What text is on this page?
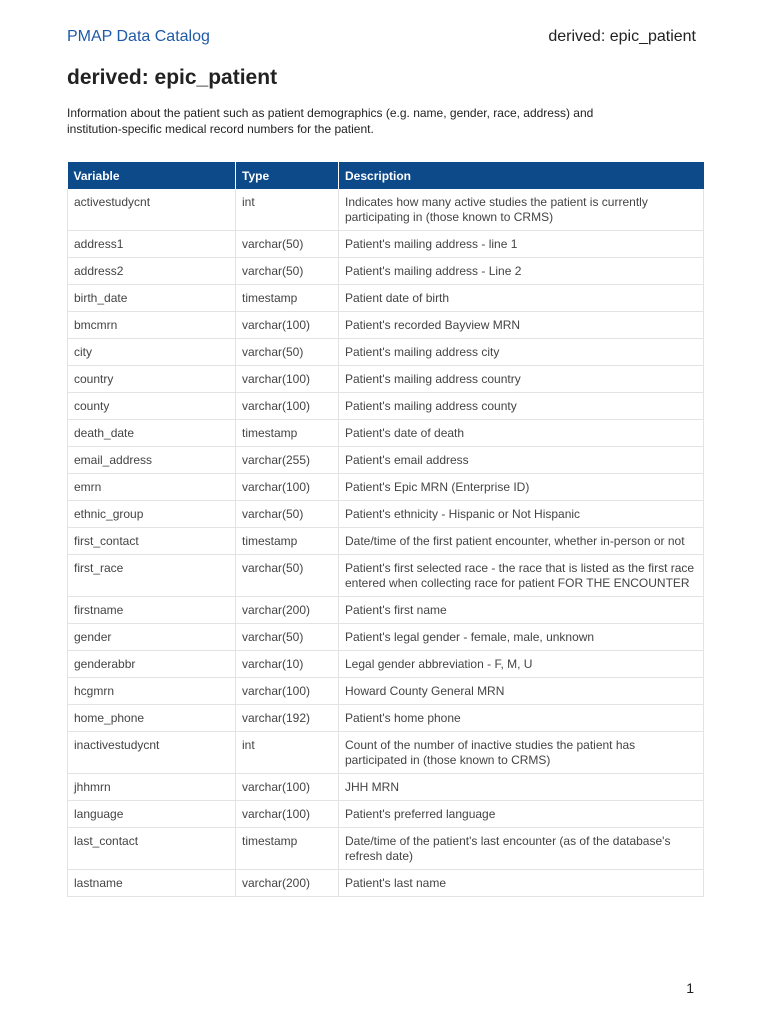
PMAP Data Catalog	derived: epic_patient
derived: epic_patient

Information about the patient such as patient demographics (e.g. name, gender, race, address) and institution-specific medical record numbers for the patient.

Variable	Type	Description
activestudycnt	int	Indicates how many active studies the patient is currently participating in (those known to CRMS)
address1	varchar(50)	Patient's mailing address - line 1
address2	varchar(50)	Patient's mailing address - Line 2
birth_date	timestamp	Patient date of birth
bmcmrn	varchar(100)	Patient's recorded Bayview MRN
city	varchar(50)	Patient's mailing address city
country	varchar(100)	Patient's mailing address country
county	varchar(100)	Patient's mailing address county
death_date	timestamp	Patient's date of death
email_address	varchar(255)	Patient's email address
emrn	varchar(100)	Patient's Epic MRN (Enterprise ID)
ethnic_group	varchar(50)	Patient's ethnicity - Hispanic or Not Hispanic
first_contact	timestamp	Date/time of the first patient encounter, whether in-person or not
first_race	varchar(50)	Patient's first selected race - the race that is listed as the first race entered when collecting race for patient FOR THE ENCOUNTER
firstname	varchar(200)	Patient's first name
gender	varchar(50)	Patient's legal gender - female, male, unknown
genderabbr	varchar(10)	Legal gender abbreviation - F, M, U
hcgmrn	varchar(100)	Howard County General MRN
home_phone	varchar(192)	Patient's home phone
inactivestudycnt	int	Count of the number of inactive studies the patient has participated in (those known to CRMS)
jhhmrn	varchar(100)	JHH MRN
language	varchar(100)	Patient's preferred language
last_contact	timestamp	Date/time of the patient's last encounter (as of the database's refresh date)
lastname	varchar(200)	Patient's last name
1
